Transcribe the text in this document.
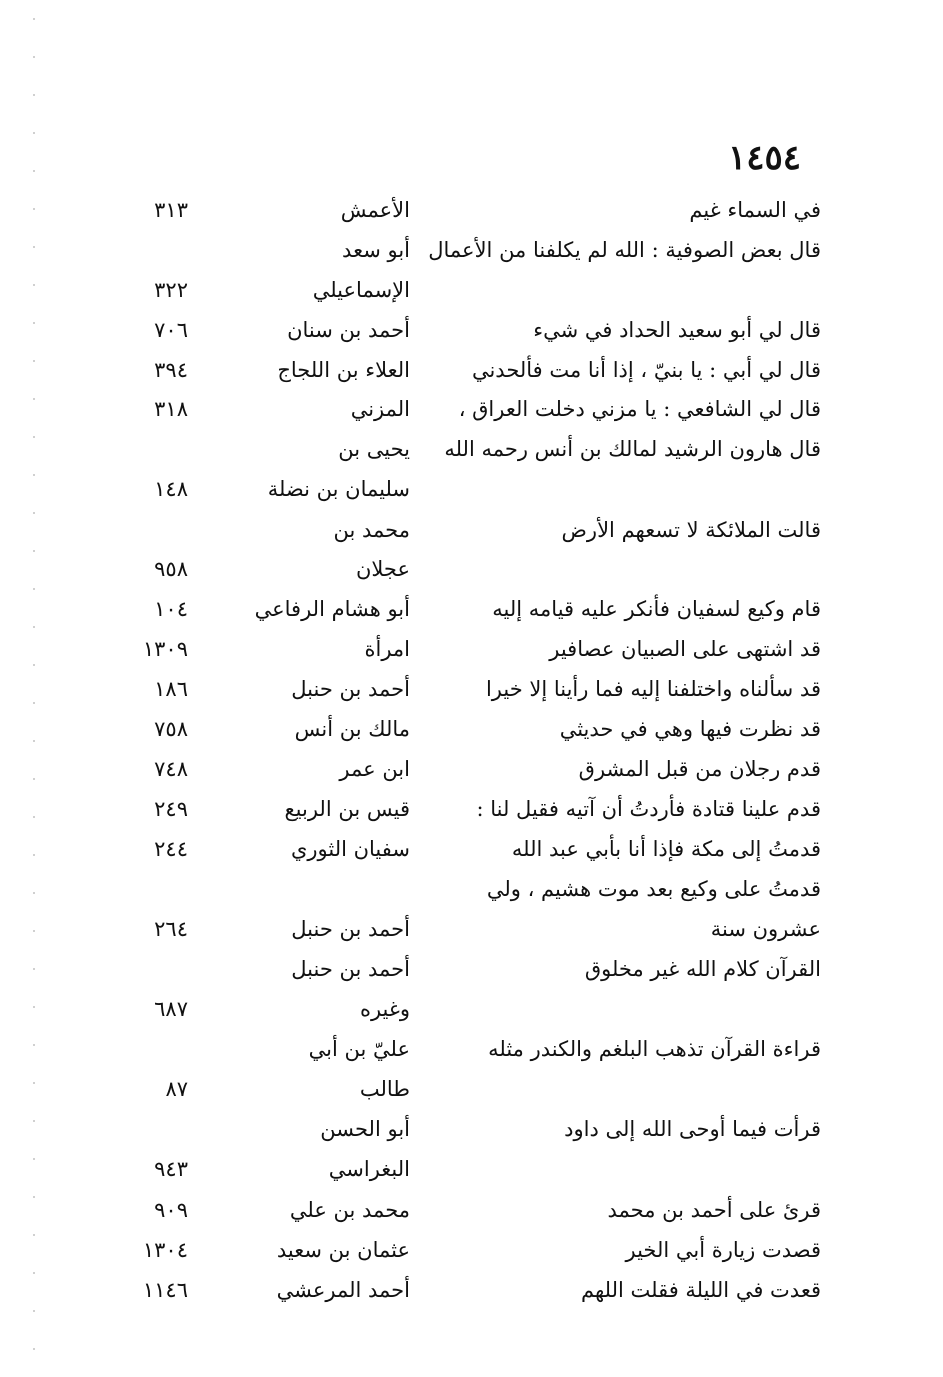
١٤٥٤
في السماء غيم
الأعمش
٣١٣
قال بعض الصوفية : الله لم يكلفنا من الأعمال
أبو سعد
الإسماعيلي
٣٢٢
قال لي أبو سعيد الحداد في شيء
أحمد بن سنان
٧٠٦
قال لي أبي : يا بنيّ ، إذا أنا مت فألحدني
العلاء بن اللجاج
٣٩٤
قال لي الشافعي : يا مزني دخلت العراق ،
المزني
٣١٨
قال هارون الرشيد لمالك بن أنس رحمه الله
يحيى بن
سليمان بن نضلة
١٤٨
قالت الملائكة لا تسعهم الأرض
محمد بن
عجلان
٩٥٨
قام وكيع لسفيان فأنكر عليه قيامه إليه
أبو هشام الرفاعي
١٠٤
قد اشتهى على الصبيان عصافير
امرأة
١٣٠٩
قد سألناه واختلفنا إليه فما رأينا إلا خيرا
أحمد بن حنبل
١٨٦
قد نظرت فيها وهي في حديثي
مالك بن أنس
٧٥٨
قدم رجلان من قبل المشرق
ابن عمر
٧٤٨
قدم علينا قتادة فأردتُ أن آتيه فقيل لنا :
قيس بن الربيع
٢٤٩
قدمتُ إلى مكة فإذا أنا بأبي عبد الله
سفيان الثوري
٢٤٤
قدمتُ على وكيع بعد موت هشيم ، ولي
عشرون سنة
أحمد بن حنبل
٢٦٤
القرآن كلام الله غير مخلوق
أحمد بن حنبل
وغيره
٦٨٧
قراءة القرآن تذهب البلغم والكندر مثله
عليّ بن أبي
طالب
٨٧
قرأت فيما أوحى الله إلى داود
أبو الحسن
البغراسي
٩٤٣
قرئ على أحمد بن محمد
محمد بن علي
٩٠٩
قصدت زيارة أبي الخير
عثمان بن سعيد
١٣٠٤
قعدت في الليلة فقلت اللهم
أحمد المرعشي
١١٤٦
